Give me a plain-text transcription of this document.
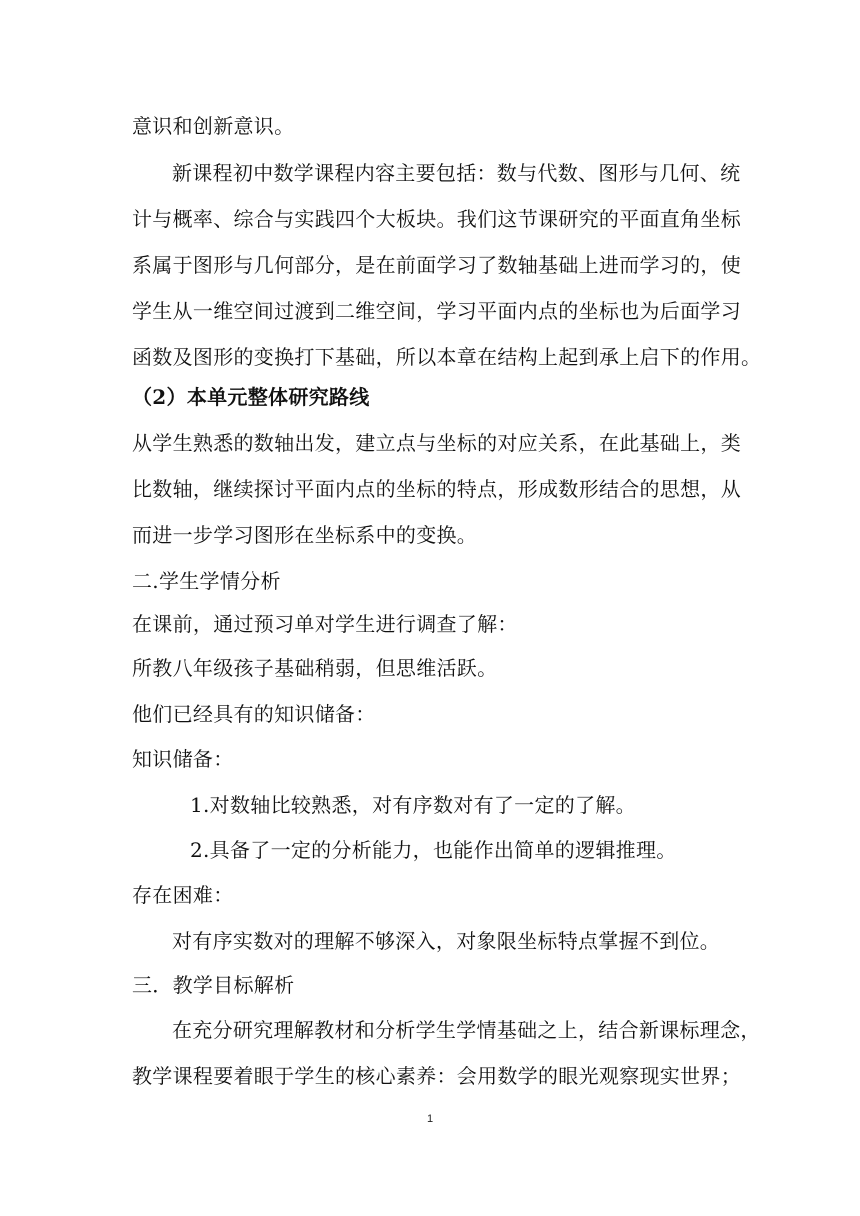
意识和创新意识。
新课程初中数学课程内容主要包括：数与代数、图形与几何、统
计与概率、综合与实践四个大板块。我们这节课研究的平面直角坐标
系属于图形与几何部分，是在前面学习了数轴基础上进而学习的，使
学生从一维空间过渡到二维空间，学习平面内点的坐标也为后面学习
函数及图形的变换打下基础，所以本章在结构上起到承上启下的作用。
（2）本单元整体研究路线
从学生熟悉的数轴出发，建立点与坐标的对应关系，在此基础上，类
比数轴，继续探讨平面内点的坐标的特点，形成数形结合的思想，从
而进一步学习图形在坐标系中的变换。
二.学生学情分析
在课前，通过预习单对学生进行调查了解：
所教八年级孩子基础稍弱，但思维活跃。
他们已经具有的知识储备：
知识储备：
1.对数轴比较熟悉，对有序数对有了一定的了解。
2.具备了一定的分析能力，也能作出简单的逻辑推理。
存在困难：
对有序实数对的理解不够深入，对象限坐标特点掌握不到位。
三．教学目标解析
在充分研究理解教材和分析学生学情基础之上，结合新课标理念，
教学课程要着眼于学生的核心素养：会用数学的眼光观察现实世界；
1
